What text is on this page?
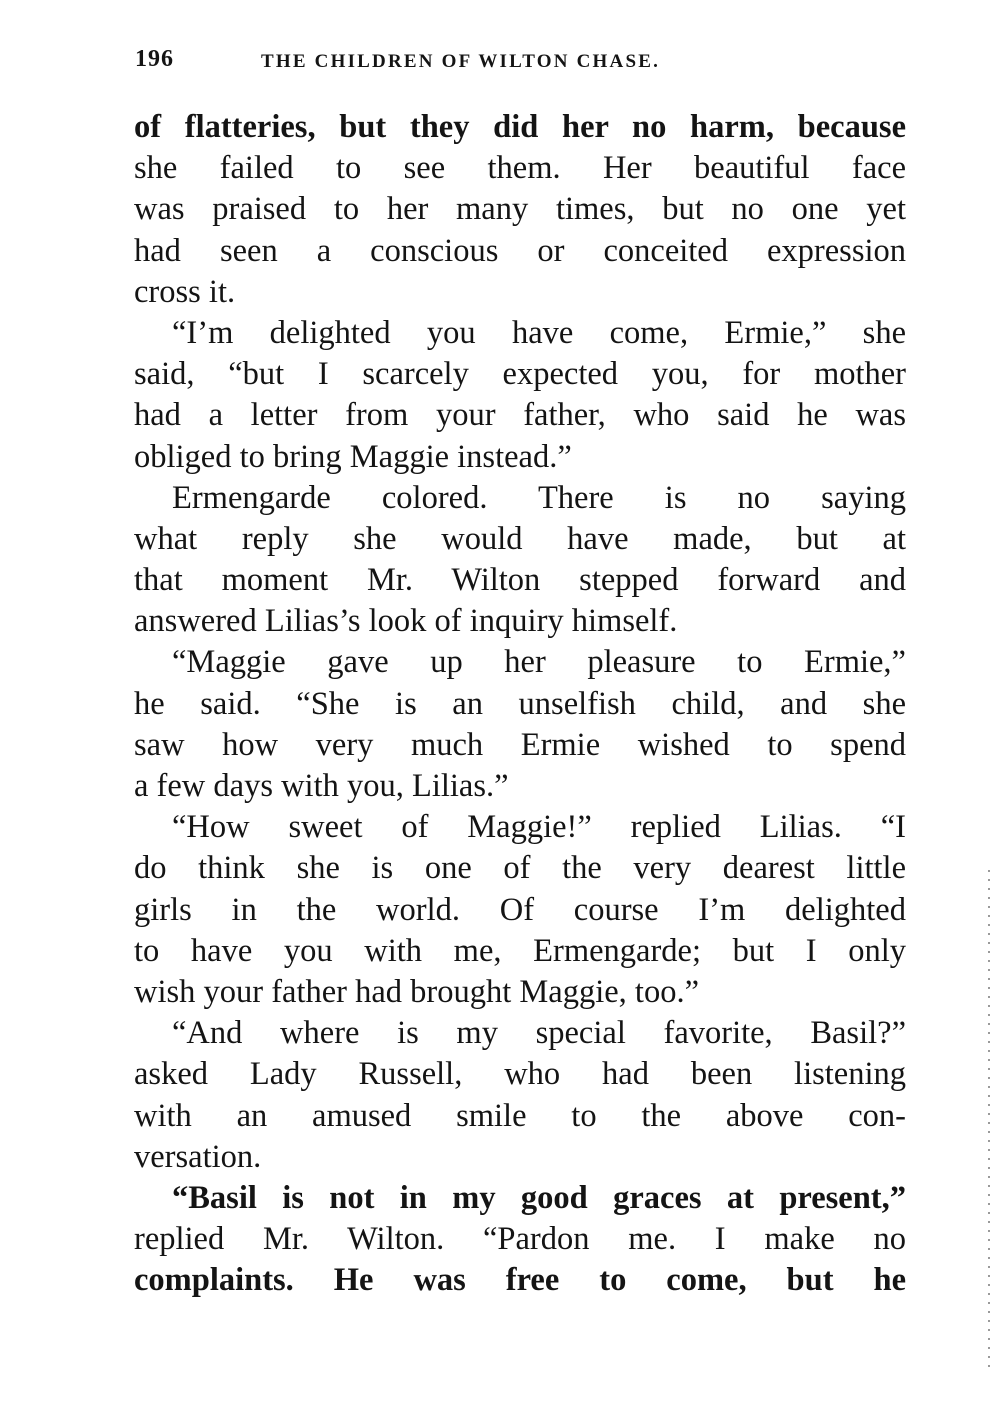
196	THE CHILDREN OF WILTON CHASE.
of flatteries, but they did her no harm, because
she failed to see them. Her beautiful face
was praised to her many times, but no one yet
had seen a conscious or conceited expression
cross it.
“I’m delighted you have come, Ermie,” she
said, “but I scarcely expected you, for mother
had a letter from your father, who said he was
obliged to bring Maggie instead.”
Ermengarde colored. There is no saying
what reply she would have made, but at
that moment Mr. Wilton stepped forward and
answered Lilias’s look of inquiry himself.
“Maggie gave up her pleasure to Ermie,”
he said. “She is an unselfish child, and she
saw how very much Ermie wished to spend
a few days with you, Lilias.”
“How sweet of Maggie!” replied Lilias. “I
do think she is one of the very dearest little
girls in the world. Of course I’m delighted
to have you with me, Ermengarde; but I only
wish your father had brought Maggie, too.”
“And where is my special favorite, Basil?”
asked Lady Russell, who had been listening
with an amused smile to the above con-
versation.
“Basil is not in my good graces at present,”
replied Mr. Wilton. “Pardon me. I make no
complaints. He was free to come, but he
